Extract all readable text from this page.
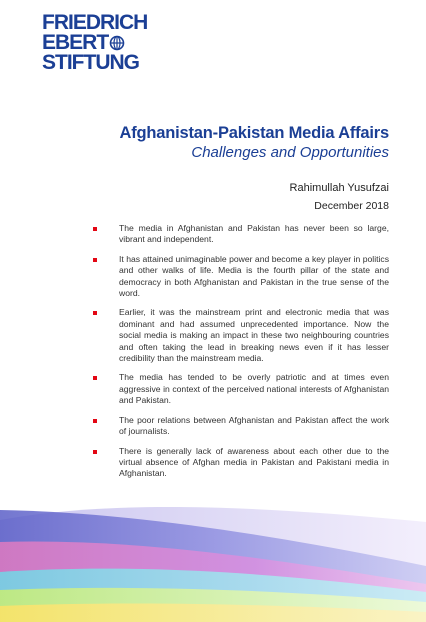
FRIEDRICH
EBERT
STIFTUNG
Afghanistan-Pakistan Media Affairs

Challenges and Opportunities

Rahimullah Yusufzai
December 2018
The media in Afghanistan and Pakistan has never been so large, vibrant and independent.
It has attained unimaginable power and become a key player in politics and other walks of life. Media is the fourth pillar of the state and democracy in both Afghanistan and Pakistan in the true sense of the word.
Earlier, it was the mainstream print and electronic media that was dominant and had assumed unprecedented importance. Now the social media is making an impact in these two neighbouring countries and often taking the lead in breaking news even if it has lesser credibility than the mainstream media.
The media has tended to be overly patriotic and at times even aggressive in context of the perceived national interests of Afghanistan and Pakistan.
The poor relations between Afghanistan and Pakistan affect the work of journalists.
There is generally lack of awareness about each other due to the virtual absence of Afghan media in Pakistan and Pakistani media in Afghanistan.
